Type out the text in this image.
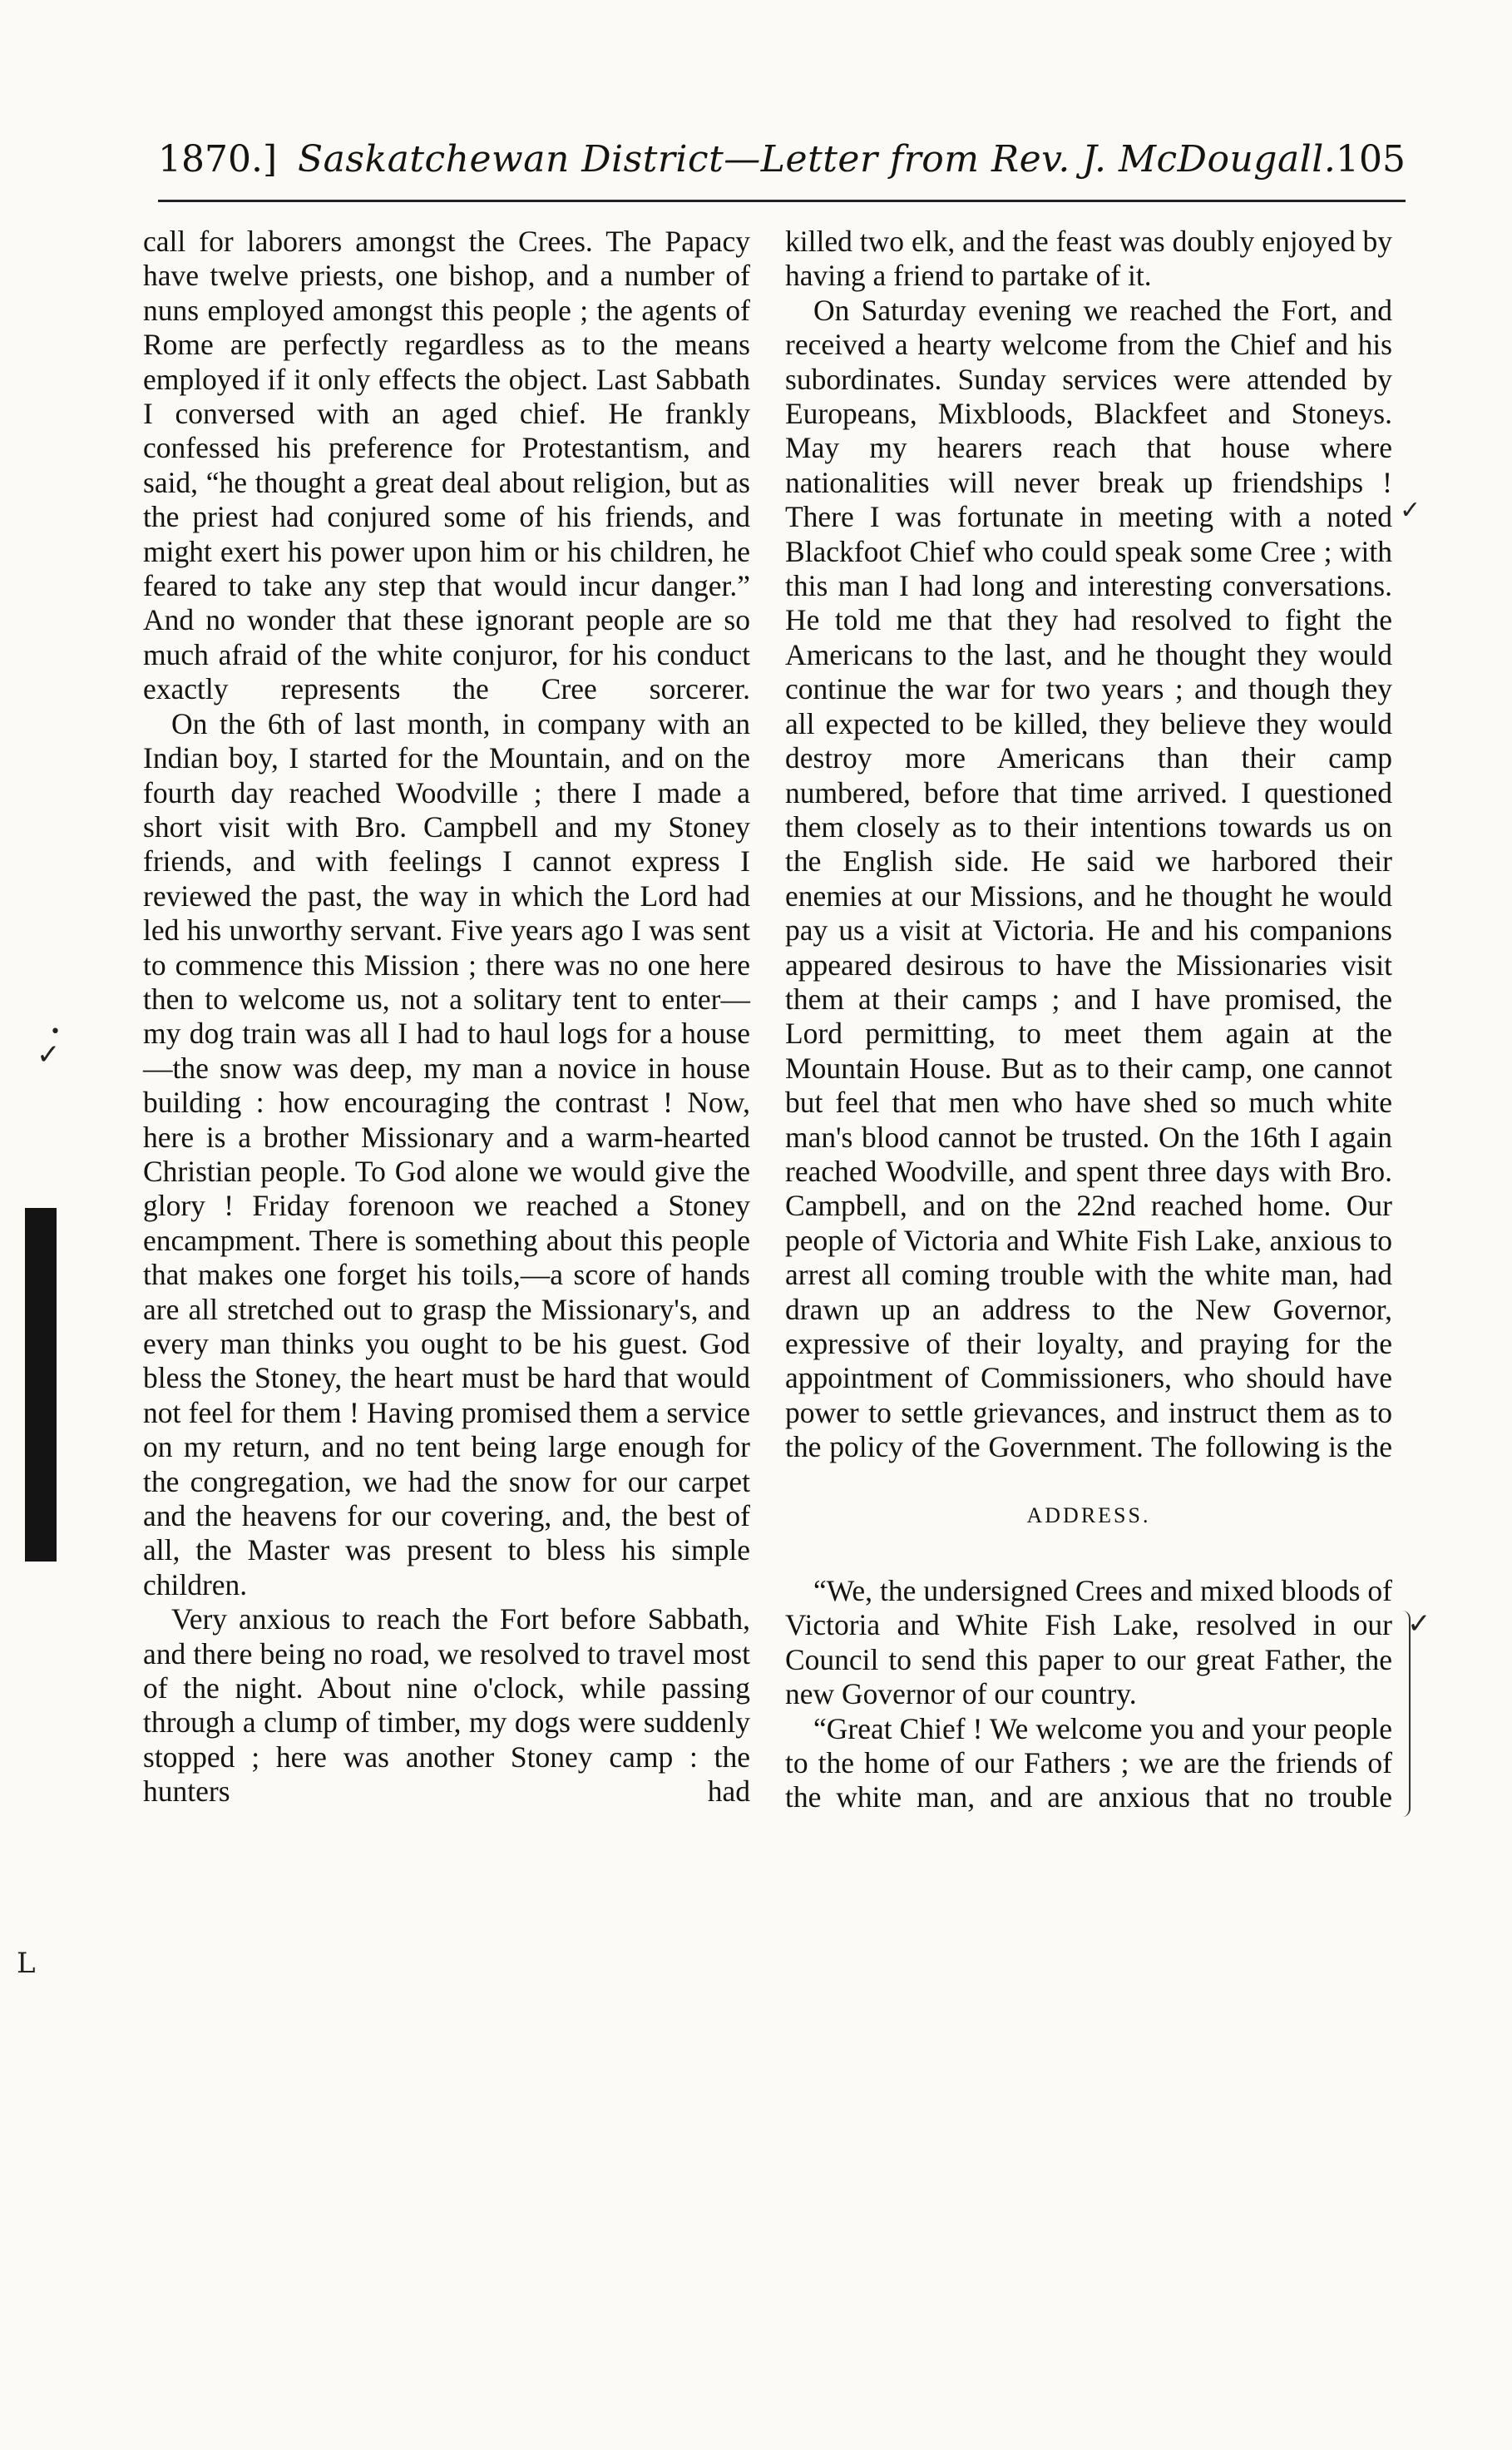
1870.] Saskatchewan District—Letter from Rev. J. McDougall. 105

call for laborers amongst the Crees. The Papacy have twelve priests, one bishop, and a number of nuns employed amongst this people ; the agents of Rome are perfectly regardless as to the means employed if it only effects the object. Last Sabbath I conversed with an aged chief. He frankly confessed his preference for Protestantism, and said, “he thought a great deal about religion, but as the priest had conjured some of his friends, and might exert his power upon him or his children, he feared to take any step that would incur danger.” And no wonder that these ignorant people are so much afraid of the white conjuror, for his conduct exactly represents the Cree sorcerer.

On the 6th of last month, in company with an Indian boy, I started for the Mountain, and on the fourth day reached Woodville ; there I made a short visit with Bro. Campbell and my Stoney friends, and with feelings I cannot express I reviewed the past, the way in which the Lord had led his unworthy servant. Five years ago I was sent to commence this Mission ; there was no one here then to welcome us, not a solitary tent to enter—my dog train was all I had to haul logs for a house—the snow was deep, my man a novice in house building : how encouraging the contrast ! Now, here is a brother Missionary and a warm-hearted Christian people. To God alone we would give the glory ! Friday forenoon we reached a Stoney encampment. There is something about this people that makes one forget his toils,—a score of hands are all stretched out to grasp the Missionary's, and every man thinks you ought to be his guest. God bless the Stoney, the heart must be hard that would not feel for them ! Having promised them a service on my return, and no tent being large enough for the congregation, we had the snow for our carpet and the heavens for our covering, and, the best of all, the Master was present to bless his simple children.

Very anxious to reach the Fort before Sabbath, and there being no road, we resolved to travel most of the night. About nine o'clock, while passing through a clump of timber, my dogs were suddenly stopped ; here was another Stoney camp : the hunters had

killed two elk, and the feast was doubly enjoyed by having a friend to partake of it.

On Saturday evening we reached the Fort, and received a hearty welcome from the Chief and his subordinates. Sunday services were attended by Europeans, Mixbloods, Blackfeet and Stoneys. May my hearers reach that house where nationalities will never break up friendships ! There I was fortunate in meeting with a noted Blackfoot Chief who could speak some Cree ; with this man I had long and interesting conversations. He told me that they had resolved to fight the Americans to the last, and he thought they would continue the war for two years ; and though they all expected to be killed, they believe they would destroy more Americans than their camp numbered, before that time arrived. I questioned them closely as to their intentions towards us on the English side. He said we harbored their enemies at our Missions, and he thought he would pay us a visit at Victoria. He and his companions appeared desirous to have the Missionaries visit them at their camps ; and I have promised, the Lord permitting, to meet them again at the Mountain House. But as to their camp, one cannot but feel that men who have shed so much white man's blood cannot be trusted. On the 16th I again reached Woodville, and spent three days with Bro. Campbell, and on the 22nd reached home. Our people of Victoria and White Fish Lake, anxious to arrest all coming trouble with the white man, had drawn up an address to the New Governor, expressive of their loyalty, and praying for the appointment of Commissioners, who should have power to settle grievances, and instruct them as to the policy of the Government. The following is the

ADDRESS.

“We, the undersigned Crees and mixed bloods of Victoria and White Fish Lake, resolved in our Council to send this paper to our great Father, the new Governor of our country.

“Great Chief ! We welcome you and your people to the home of our Fathers ; we are the friends of the white man, and are anxious that no trouble

✓
✓
✓
•
L
